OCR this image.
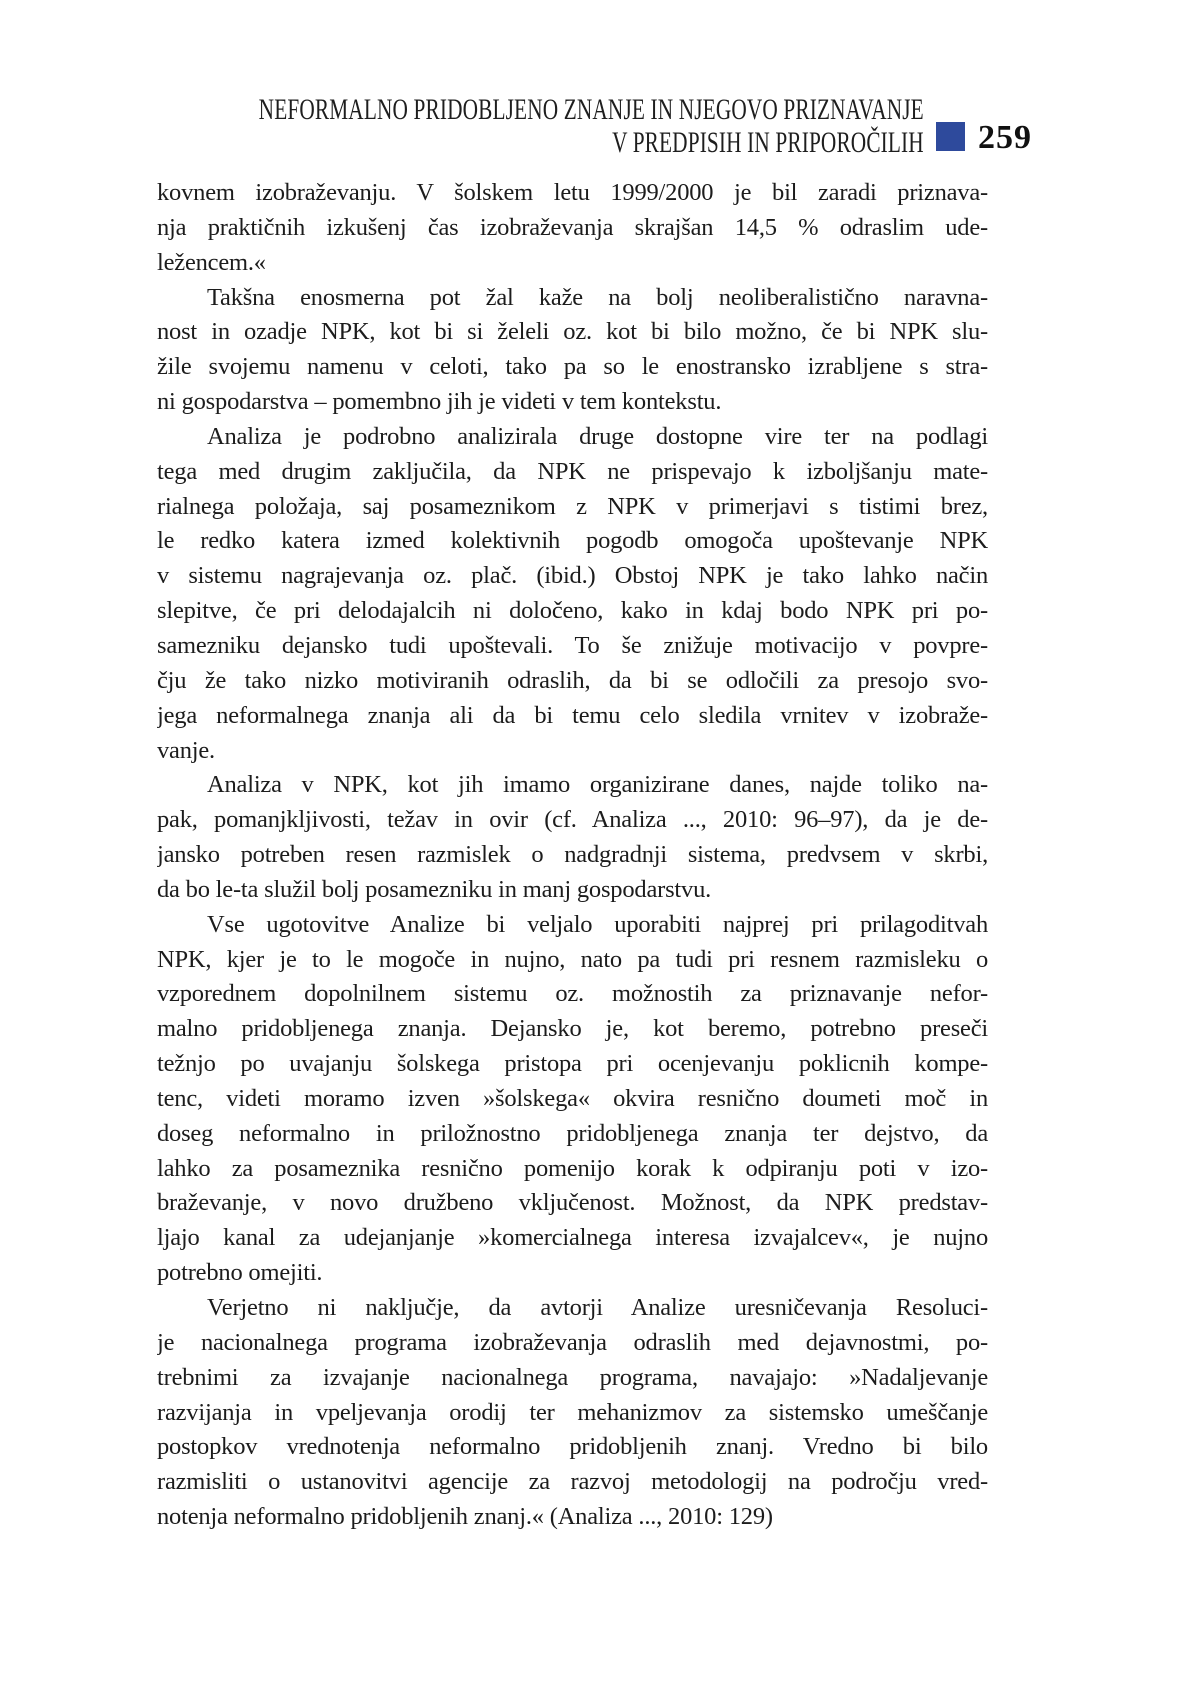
NEFORMALNO PRIDOBLJENO ZNANJE IN NJEGOVO PRIZNAVANJE
V PREDPISIH IN PRIPOROČILIH 259
kovnem izobraževanju. V šolskem letu 1999/2000 je bil zaradi priznava-
nja praktičnih izkušenj čas izobraževanja skrajšan 14,5 % odraslim ude-
ležencem.«
Takšna enosmerna pot žal kaže na bolj neoliberalistično naravna-
nost in ozadje NPK, kot bi si želeli oz. kot bi bilo možno, če bi NPK slu-
žile svojemu namenu v celoti, tako pa so le enostransko izrabljene s stra-
ni gospodarstva – pomembno jih je videti v tem kontekstu.
Analiza je podrobno analizirala druge dostopne vire ter na podlagi
tega med drugim zaključila, da NPK ne prispevajo k izboljšanju mate-
rialnega položaja, saj posameznikom z NPK v primerjavi s tistimi brez,
le redko katera izmed kolektivnih pogodb omogoča upoštevanje NPK
v sistemu nagrajevanja oz. plač. (ibid.) Obstoj NPK je tako lahko način
slepitve, če pri delodajalcih ni določeno, kako in kdaj bodo NPK pri po-
samezniku dejansko tudi upoštevali. To še znižuje motivacijo v povpre-
čju že tako nizko motiviranih odraslih, da bi se odločili za presojo svo-
jega neformalnega znanja ali da bi temu celo sledila vrnitev v izobraže-
vanje.
Analiza v NPK, kot jih imamo organizirane danes, najde toliko na-
pak, pomanjkljivosti, težav in ovir (cf. Analiza ..., 2010: 96–97), da je de-
jansko potreben resen razmislek o nadgradnji sistema, predvsem v skrbi,
da bo le-ta služil bolj posamezniku in manj gospodarstvu.
Vse ugotovitve Analize bi veljalo uporabiti najprej pri prilagoditvah
NPK, kjer je to le mogoče in nujno, nato pa tudi pri resnem razmisleku o
vzporednem dopolnilnem sistemu oz. možnostih za priznavanje nefor-
malno pridobljenega znanja. Dejansko je, kot beremo, potrebno preseči
težnjo po uvajanju šolskega pristopa pri ocenjevanju poklicnih kompe-
tenc, videti moramo izven »šolskega« okvira resnično doumeti moč in
doseg neformalno in priložnostno pridobljenega znanja ter dejstvo, da
lahko za posameznika resnično pomenijo korak k odpiranju poti v izo-
braževanje, v novo družbeno vključenost. Možnost, da NPK predstav-
ljajo kanal za udejanjanje »komercialnega interesa izvajalcev«, je nujno
potrebno omejiti.
Verjetno ni naključje, da avtorji Analize uresničevanja Resoluci-
je nacionalnega programa izobraževanja odraslih med dejavnostmi, po-
trebnimi za izvajanje nacionalnega programa, navajajo: »Nadaljevanje
razvijanja in vpeljevanja orodij ter mehanizmov za sistemsko umeščanje
postopkov vrednotenja neformalno pridobljenih znanj. Vredno bi bilo
razmisliti o ustanovitvi agencije za razvoj metodologij na področju vred-
notenja neformalno pridobljenih znanj.« (Analiza ..., 2010: 129)
